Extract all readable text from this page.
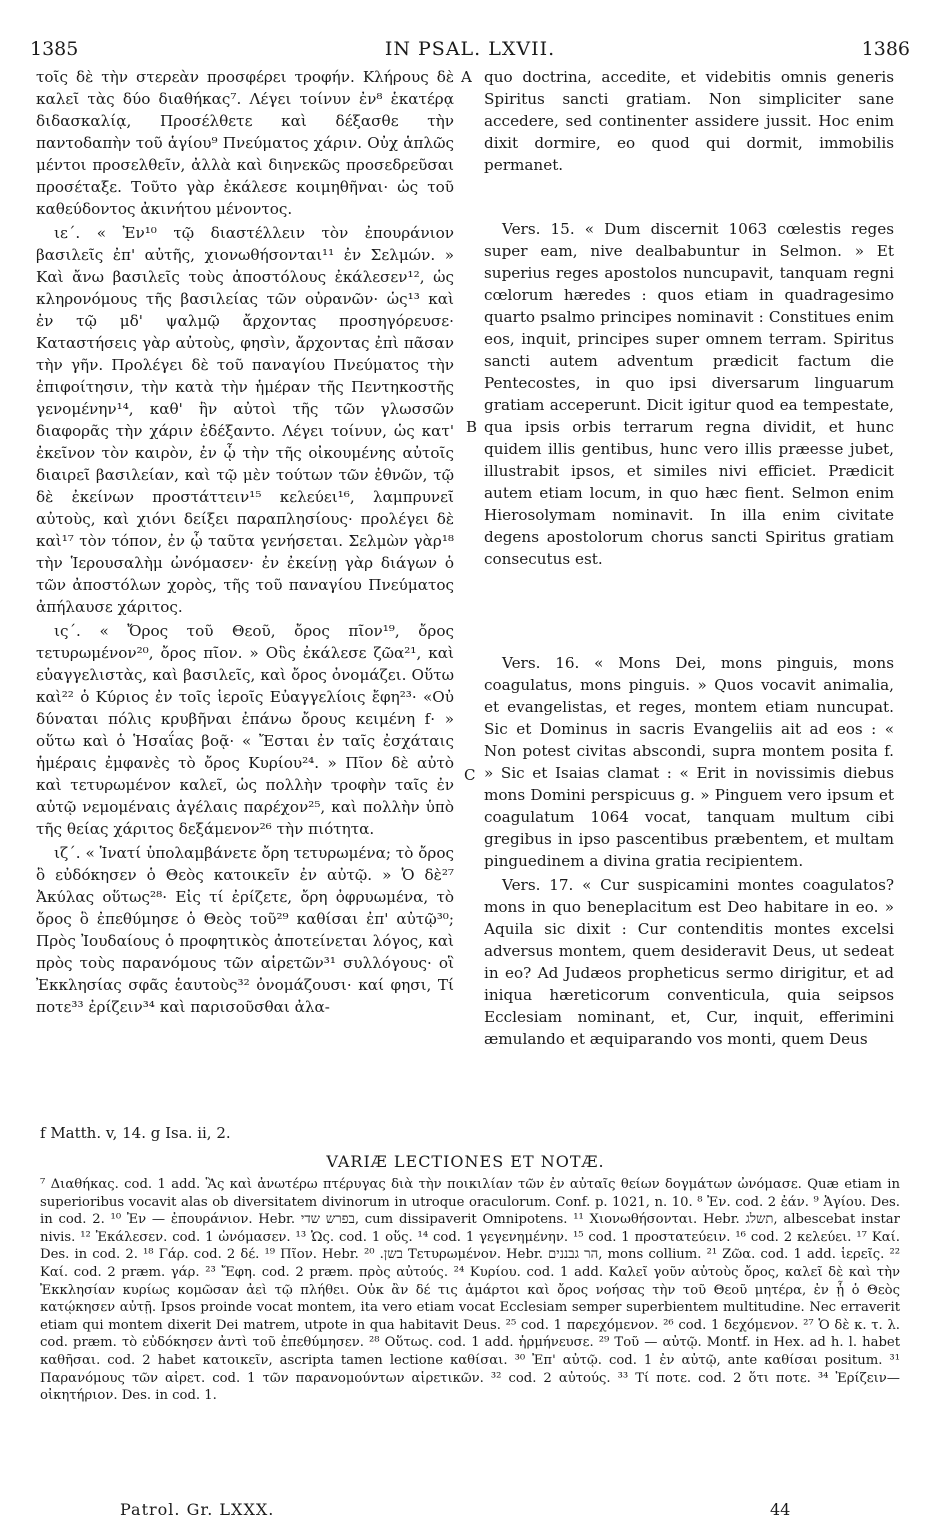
1385	IN PSAL. LXVII.	1386

τοῖς δὲ τὴν στερεὰν προσφέρει τροφήν. Κλήρους δὲ καλεῖ τὰς δύο διαθήκας⁷. Λέγει τοίνυν ἐν⁸ ἑκατέρᾳ διδασκαλίᾳ, Προσέλθετε καὶ δέξασθε τὴν παντοδαπὴν τοῦ ἁγίου⁹ Πνεύματος χάριν. Οὐχ ἁπλῶς μέντοι προσελθεῖν, ἀλλὰ καὶ διηνεκῶς προσεδρεῦσαι προσέταξε. Τοῦτο γὰρ ἐκάλεσε κοιμηθῆναι· ὡς τοῦ καθεύδοντος ἀκινήτου μένοντος.

ιε΄. « Ἐν¹⁰ τῷ διαστέλλειν τὸν ἐπουράνιον βασιλεῖς ἐπ' αὐτῆς, χιονωθήσονται¹¹ ἐν Σελμών. » Καὶ ἄνω βασιλεῖς τοὺς ἀποστόλους ἐκάλεσεν¹², ὡς κληρονόμους τῆς βασιλείας τῶν οὐρανῶν· ὡς¹³ καὶ ἐν τῷ μδ' ψαλμῷ ἄρχοντας προσηγόρευσε· Καταστήσεις γὰρ αὐτοὺς, φησὶν, ἄρχοντας ἐπὶ πᾶσαν τὴν γῆν. Προλέγει δὲ τοῦ παναγίου Πνεύματος τὴν ἐπιφοίτησιν, τὴν κατὰ τὴν ἡμέραν τῆς Πεντηκοστῆς γενομένην¹⁴, καθ' ἣν αὐτοὶ τῆς τῶν γλωσσῶν διαφορᾶς τὴν χάριν ἐδέξαντο. Λέγει τοίνυν, ὡς κατ' ἐκεῖνον τὸν καιρὸν, ἐν ᾧ τὴν τῆς οἰκουμένης αὐτοῖς διαιρεῖ βασιλείαν, καὶ τῷ μὲν τούτων τῶν ἐθνῶν, τῷ δὲ ἐκείνων προστάττειν¹⁵ κελεύει¹⁶, λαμπρυνεῖ αὐτοὺς, καὶ χιόνι δείξει παραπλησίους· προλέγει δὲ καὶ¹⁷ τὸν τόπον, ἐν ᾧ ταῦτα γενήσεται. Σελμὼν γὰρ¹⁸ τὴν Ἱερουσαλὴμ ὠνόμασεν· ἐν ἐκείνῃ γὰρ διάγων ὁ τῶν ἀποστόλων χορὸς, τῆς τοῦ παναγίου Πνεύματος ἀπήλαυσε χάριτος.

ις΄. « Ὄρος τοῦ Θεοῦ, ὄρος πῖον¹⁹, ὄρος τετυρωμένον²⁰, ὄρος πῖον. » Οὓς ἐκάλεσε ζῶα²¹, καὶ εὐαγγελιστὰς, καὶ βασιλεῖς, καὶ ὄρος ὀνομάζει. Οὕτω καὶ²² ὁ Κύριος ἐν τοῖς ἱεροῖς Εὐαγγελίοις ἔφη²³· «Οὐ δύναται πόλις κρυβῆναι ἐπάνω ὄρους κειμένη f· » οὕτω καὶ ὁ Ἡσαΐας βοᾷ· « Ἔσται ἐν ταῖς ἐσχάταις ἡμέραις ἐμφανὲς τὸ ὄρος Κυρίου²⁴. » Πῖον δὲ αὐτὸ καὶ τετυρωμένον καλεῖ, ὡς πολλὴν τροφὴν ταῖς ἐν αὐτῷ νεμομέναις ἀγέλαις παρέχον²⁵, καὶ πολλὴν ὑπὸ τῆς θείας χάριτος δεξάμενον²⁶ τὴν πιότητα.

ιζ΄. « Ἱνατί ὑπολαμβάνετε ὄρη τετυρωμένα; τὸ ὄρος ὃ εὐδόκησεν ὁ Θεὸς κατοικεῖν ἐν αὐτῷ. » Ὁ δὲ²⁷ Ἀκύλας οὕτως²⁸· Εἰς τί ἐρίζετε, ὄρη ὀφρυωμένα, τὸ ὄρος ὃ ἐπεθύμησε ὁ Θεὸς τοῦ²⁹ καθίσαι ἐπ' αὐτῷ³⁰; Πρὸς Ἰουδαίους ὁ προφητικὸς ἀποτείνεται λόγος, καὶ πρὸς τοὺς παρανόμους τῶν αἱρετῶν³¹ συλλόγους· οἳ Ἐκκλησίας σφᾶς ἑαυτοὺς³² ὀνομάζουσι· καί φησι, Τί ποτε³³ ἐρίζειν³⁴ καὶ παρισοῦσθαι ἀλα-

A
B
C

quo doctrina, accedite, et videbitis omnis generis Spiritus sancti gratiam. Non simpliciter sane accedere, sed continenter assidere jussit. Hoc enim dixit dormire, eo quod qui dormit, immobilis permanet.

Vers. 15. « Dum discernit 1063 cœlestis reges super eam, nive dealbabuntur in Selmon. » Et superius reges apostolos nuncupavit, tanquam regni cœlorum hæredes : quos etiam in quadragesimo quarto psalmo principes nominavit : Constitues enim eos, inquit, principes super omnem terram. Spiritus sancti autem adventum prædicit factum die Pentecostes, in quo ipsi diversarum linguarum gratiam acceperunt. Dicit igitur quod ea tempestate, qua ipsis orbis terrarum regna dividit, et hunc quidem illis gentibus, hunc vero illis præesse jubet, illustrabit ipsos, et similes nivi efficiet. Prædicit autem etiam locum, in quo hæc fient. Selmon enim Hierosolymam nominavit. In illa enim civitate degens apostolorum chorus sancti Spiritus gratiam consecutus est.

Vers. 16. « Mons Dei, mons pinguis, mons coagulatus, mons pinguis. » Quos vocavit animalia, et evangelistas, et reges, montem etiam nuncupat. Sic et Dominus in sacris Evangeliis ait ad eos : « Non potest civitas abscondi, supra montem posita f. » Sic et Isaias clamat : « Erit in novissimis diebus mons Domini perspicuus g. » Pinguem vero ipsum et coagulatum 1064 vocat, tanquam multum cibi gregibus in ipso pascentibus præbentem, et multam pinguedinem a divina gratia recipientem.

Vers. 17. « Cur suspicamini montes coagulatos? mons in quo beneplacitum est Deo habitare in eo. » Aquila sic dixit : Cur contenditis montes excelsi adversus montem, quem desideravit Deus, ut sedeat in eo? Ad Judæos propheticus sermo dirigitur, et ad iniqua hæreticorum conventicula, quia seipsos Ecclesiam nominant, et, Cur, inquit, efferimini æmulando et æquiparando vos monti, quem Deus

f Matth. v, 14. g Isa. ii, 2.
VARIÆ LECTIONES ET NOTÆ.
⁷ Διαθήκας. cod. 1 add. Ἃς καὶ ἀνωτέρω πτέρυγας διὰ τὴν ποικιλίαν τῶν ἐν αὐταῖς θείων δογμάτων ὠνόμασε. Quæ etiam in superioribus vocavit alas ob diversitatem divinorum in utroque oraculorum. Conf. p. 1021, n. 10. ⁸ Ἐν. cod. 2 ἐάν. ⁹ Ἁγίου. Des. in cod. 2. ¹⁰ Ἐν — ἐπουράνιον. Hebr. בפרש שדי, cum dissipaverit Omnipotens. ¹¹ Χιονωθήσονται. Hebr. תשלג, albescebat instar nivis. ¹² Ἐκάλεσεν. cod. 1 ὠνόμασεν. ¹³ Ὡς. cod. 1 οὕς. ¹⁴ cod. 1 γεγενημένην. ¹⁵ cod. 1 προστατεύειν. ¹⁶ cod. 2 κελεύει. ¹⁷ Καί. Des. in cod. 2. ¹⁸ Γάρ. cod. 2 δέ. ¹⁹ Πῖον. Hebr. בשן. ²⁰ Τετυρωμένον. Hebr. הר גבננים, mons collium. ²¹ Ζῶα. cod. 1 add. ἱερεῖς. ²² Καί. cod. 2 præm. γάρ. ²³ Ἔφη. cod. 2 præm. πρὸς αὐτούς. ²⁴ Κυρίου. cod. 1 add. Καλεῖ γοῦν αὐτοὺς ὄρος, καλεῖ δὲ καὶ τὴν Ἐκκλησίαν κυρίως κομῶσαν ἀεὶ τῷ πλήθει. Οὐκ ἂν δέ τις ἁμάρτοι καὶ ὄρος νοήσας τὴν τοῦ Θεοῦ μητέρα, ἐν ᾗ ὁ Θεὸς κατῴκησεν αὐτῇ. Ipsos proinde vocat montem, ita vero etiam vocat Ecclesiam semper superbientem multitudine. Nec erraverit etiam qui montem dixerit Dei matrem, utpote in qua habitavit Deus. ²⁵ cod. 1 παρεχόμενον. ²⁶ cod. 1 δεχόμενον. ²⁷ Ὁ δὲ κ. τ. λ. cod. præm. τὸ εὐδόκησεν ἀντὶ τοῦ ἐπεθύμησεν. ²⁸ Οὕτως. cod. 1 add. ἡρμήνευσε. ²⁹ Τοῦ — αὐτῷ. Montf. in Hex. ad h. l. habet καθῆσαι. cod. 2 habet κατοικεῖν, ascripta tamen lectione καθίσαι. ³⁰ Ἐπ' αὐτῷ. cod. 1 ἐν αὐτῷ, ante καθίσαι positum. ³¹ Παρανόμους τῶν αἱρετ. cod. 1 τῶν παρανομούντων αἱρετικῶν. ³² cod. 2 αὐτούς. ³³ Τί ποτε. cod. 2 ὅτι ποτε. ³⁴ Ἐρίζειν—οἰκητήριον. Des. in cod. 1.
Patrol. Gr. LXXX.	44
